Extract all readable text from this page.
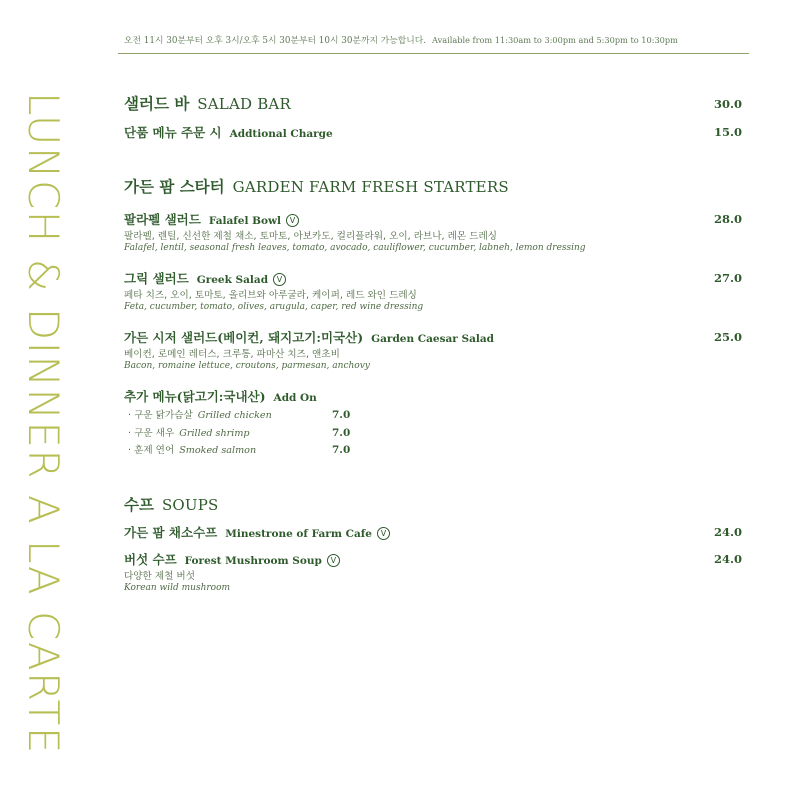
LUNCH & DINNER A LA CARTE
오전 11시 30분부터 오후 3시/오후 5시 30분부터 10시 30분까지 가능합니다. Available from 11:30am to 3:00pm and 5:30pm to 10:30pm
샐러드 바 SALAD BAR	30.0
단품 메뉴 주문 시 Addtional Charge	15.0
가든 팜 스타터 GARDEN FARM FRESH STARTERS
팔라펠 샐러드 Falafel Bowl V	28.0
팔라펠, 렌틸, 신선한 제철 채소, 토마토, 아보카도, 컬리플라워, 오이, 라브나, 레몬 드레싱
Falafel, lentil, seasonal fresh leaves, tomato, avocado, cauliflower, cucumber, labneh, lemon dressing
그릭 샐러드 Greek Salad V	27.0
페타 치즈, 오이, 토마토, 올리브와 아루굴라, 케이퍼, 레드 와인 드레싱
Feta, cucumber, tomato, olives, arugula, caper, red wine dressing
가든 시저 샐러드(베이컨, 돼지고기:미국산) Garden Caesar Salad	25.0
베이컨, 로메인 레터스, 크루통, 파마산 치즈, 앤초비
Bacon, romaine lettuce, croutons, parmesan, anchovy
추가 메뉴(닭고기:국내산) Add On
· 구운 닭가슴살 Grilled chicken	7.0
· 구운 새우 Grilled shrimp	7.0
· 훈제 연어 Smoked salmon	7.0
수프 SOUPS
가든 팜 채소수프 Minestrone of Farm Cafe V	24.0
버섯 수프 Forest Mushroom Soup V	24.0
다양한 제철 버섯
Korean wild mushroom
